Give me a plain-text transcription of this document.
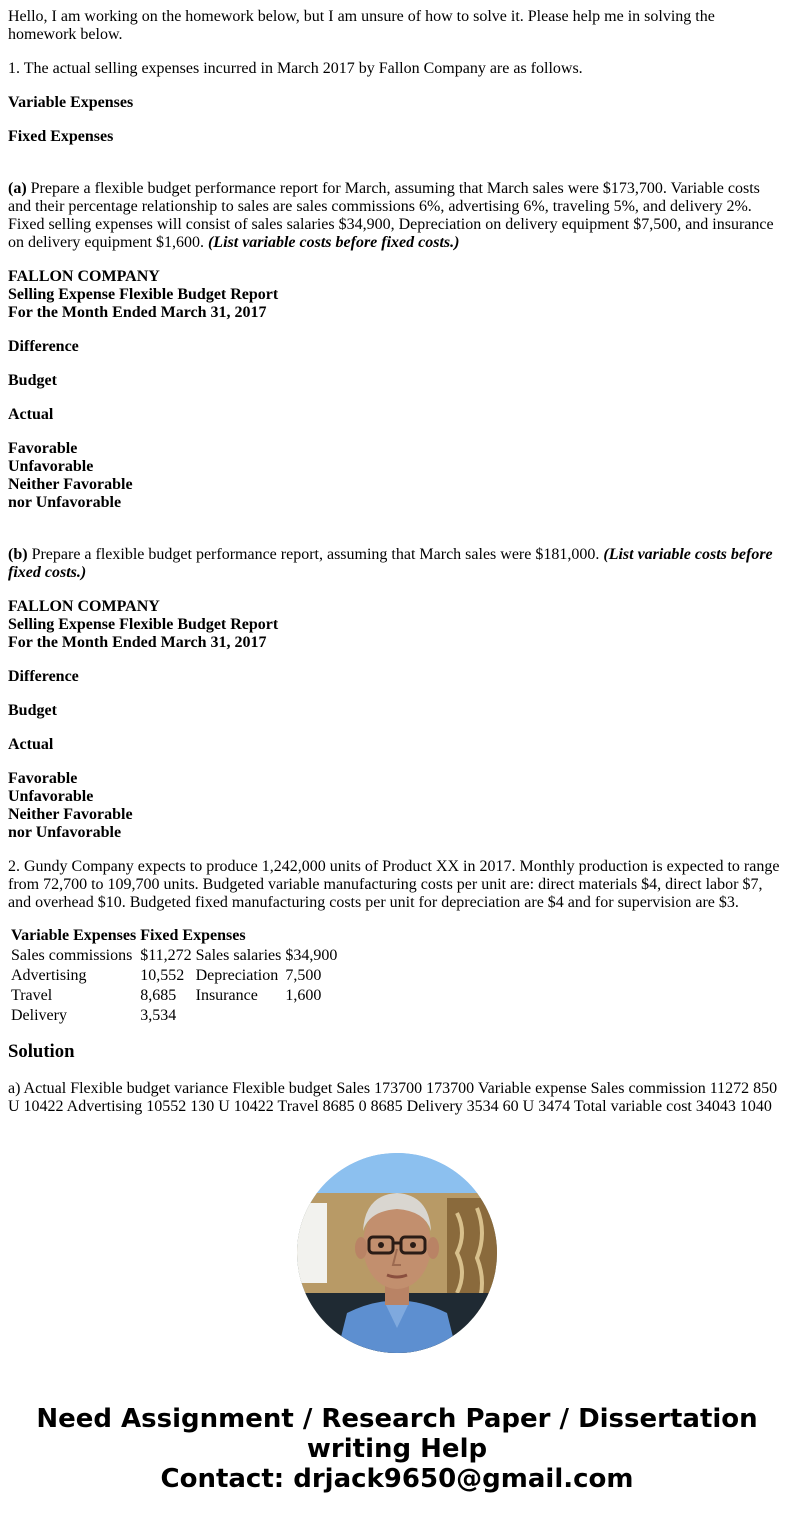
Hello, I am working on the homework below, but I am unsure of how to solve it. Please help me in solving the homework below.

1. The actual selling expenses incurred in March 2017 by Fallon Company are as follows.

Variable Expenses

Fixed Expenses

(a) Prepare a flexible budget performance report for March, assuming that March sales were $173,700. Variable costs and their percentage relationship to sales are sales commissions 6%, advertising 6%, traveling 5%, and delivery 2%. Fixed selling expenses will consist of sales salaries $34,900, Depreciation on delivery equipment $7,500, and insurance on delivery equipment $1,600. (List variable costs before fixed costs.)

FALLON COMPANY
Selling Expense Flexible Budget Report
For the Month Ended March 31, 2017

Difference

Budget

Actual

Favorable
Unfavorable
Neither Favorable
nor Unfavorable

(b) Prepare a flexible budget performance report, assuming that March sales were $181,000. (List variable costs before fixed costs.)

FALLON COMPANY
Selling Expense Flexible Budget Report
For the Month Ended March 31, 2017

Difference

Budget

Actual

Favorable
Unfavorable
Neither Favorable
nor Unfavorable

2. Gundy Company expects to produce 1,242,000 units of Product XX in 2017. Monthly production is expected to range from 72,700 to 109,700 units. Budgeted variable manufacturing costs per unit are: direct materials $4, direct labor $7, and overhead $10. Budgeted fixed manufacturing costs per unit for depreciation are $4 and for supervision are $3.

Variable Expenses	Fixed Expenses		
Sales commissions	$11,272	Sales salaries	$34,900
Advertising	10,552	Depreciation	7,500
Travel	8,685	Insurance	1,600
Delivery	3,534		
Solution

a) Actual Flexible budget variance Flexible budget Sales 173700 173700 Variable expense Sales commission 11272 850 U 10422 Advertising 10552 130 U 10422 Travel 8685 0 8685 Delivery 3534 60 U 3474 Total variable cost 34043 1040

Need Assignment / Research Paper / Dissertation
writing Help
Contact: drjack9650@gmail.com
